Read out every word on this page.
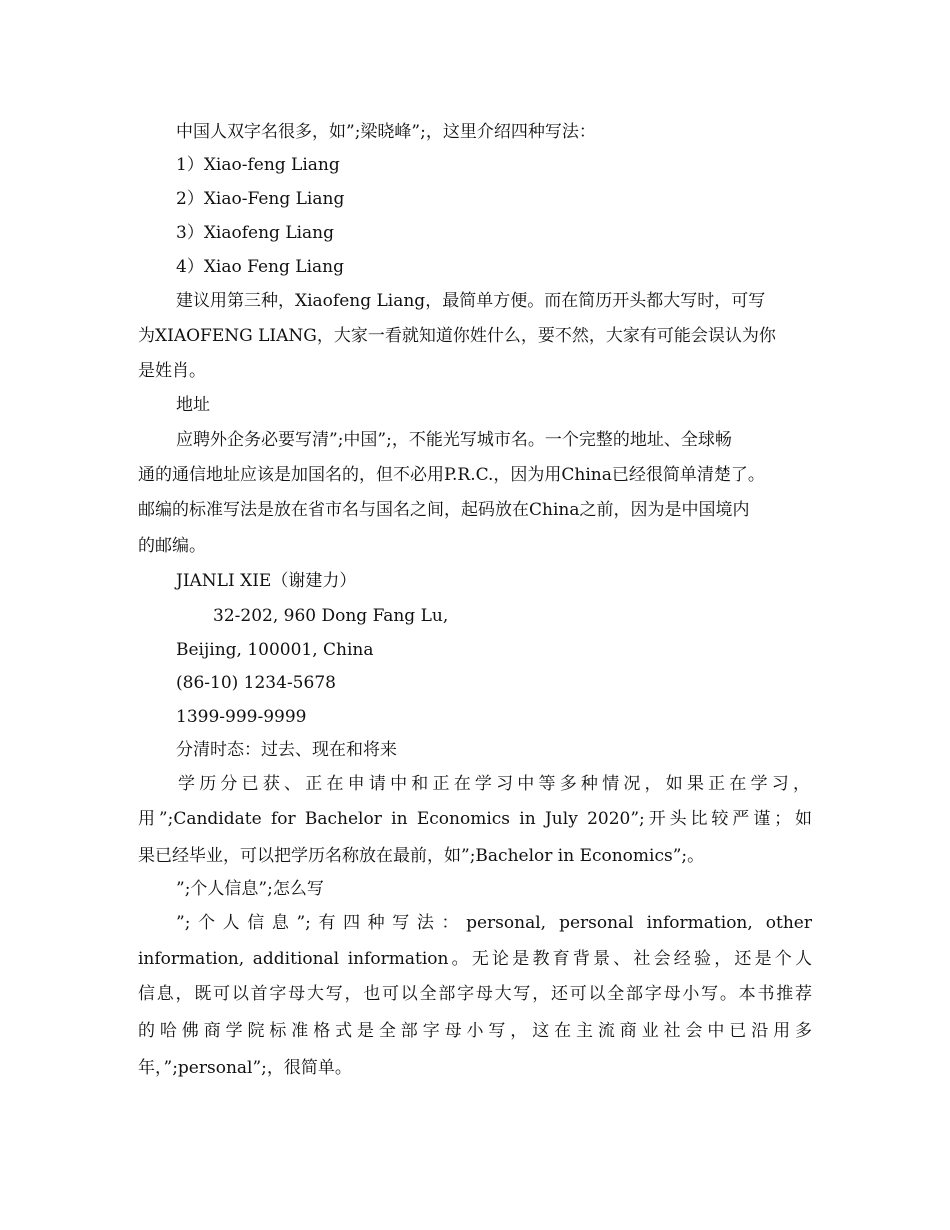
中国人双字名很多，如”;梁晓峰”;，这里介绍四种写法：
1）Xiao-feng Liang
2）Xiao-Feng Liang
3）Xiaofeng Liang
4）Xiao Feng Liang
建议用第三种，Xiaofeng Liang，最简单方便。而在简历开头都大写时，可写
为XIAOFENG LIANG，大家一看就知道你姓什么，要不然，大家有可能会误认为你
是姓肖。
地址
应聘外企务必要写清”;中国”;，不能光写城市名。一个完整的地址、全球畅
通的通信地址应该是加国名的，但不必用P.R.C.，因为用China已经很简单清楚了。
邮编的标准写法是放在省市名与国名之间，起码放在China之前，因为是中国境内
的邮编。
JIANLI XIE（谢建力）
32-202, 960 Dong Fang Lu,
Beijing, 100001, China
(86-10) 1234-5678
1399-999-9999
分清时态：过去、现在和将来
学历分已获、正在申请中和正在学习中等多种情况，如果正在学习，
用”;Candidate for Bachelor in Economics in July 2020”;开头比较严谨；如
果已经毕业，可以把学历名称放在最前，如”;Bachelor in Economics”;。
”;个人信息”;怎么写
”;个人信息”;有四种写法：personal, personal information, other
information, additional information。无论是教育背景、社会经验，还是个人
信息，既可以首字母大写，也可以全部字母大写，还可以全部字母小写。本书推荐
的哈佛商学院标准格式是全部字母小写，这在主流商业社会中已沿用多
年，”;personal”;，很简单。
